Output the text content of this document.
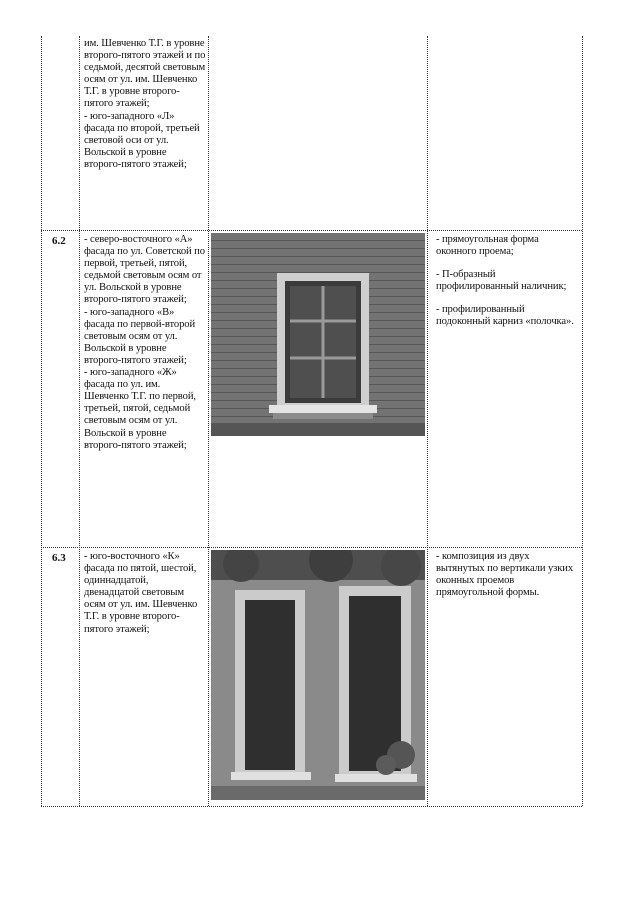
им. Шевченко Т.Г. в уровне второго-пятого этажей и по седьмой, десятой световым осям от ул. им. Шевченко Т.Г. в уровне второго-пятого этажей;
- юго-западного «Л» фасада по второй, третьей световой оси от ул. Вольской в уровне второго-пятого этажей;
6.2 - северо-восточного «А» фасада по ул. Советской по первой, третьей, пятой, седьмой световым осям от ул. Вольской в уровне второго-пятого этажей;
- юго-западного «В» фасада по первой-второй световым осям от ул. Вольской в уровне второго-пятого этажей;
- юго-западного «Ж» фасада по ул. им. Шевченко Т.Г. по первой, третьей, пятой, седьмой световым осям от ул. Вольской в уровне второго-пятого этажей;

- прямоугольная форма оконного проема;

- П-образный профилированный наличник;

- профилированный подоконный карниз «полочка».

6.3 - юго-восточного «К» фасада по пятой, шестой, одиннадцатой, двенадцатой световым осям от ул. им. Шевченко Т.Г. в уровне второго-пятого этажей;

- композиция из двух вытянутых по вертикали узких оконных проемов прямоугольной формы.
